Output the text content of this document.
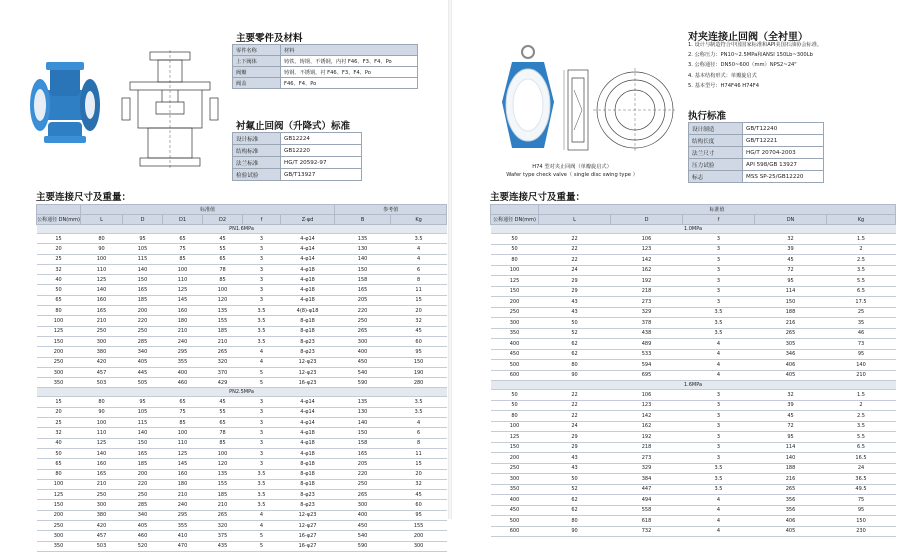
主要零件及材料
零件名称	材料
上下阀体	铸铁、铸钢、不锈钢，内衬 F46、F3、F4、Po
阀瓣	铸钢、不锈钢，衬 F46、F3、F4、Po
阀盖	F46、F4、Po
衬氟止回阀（升降式）标准
设计标准	GB12224
结构标准	GB12220
法兰标准	HG/T 20592-97
检验试验	GB/T13927
主要连接尺寸及重量：
	标准值						参考值	
公称通径 DN(mm)	L	D	D1	D2	f	Z-φd	B	Kg
PN1.6MPa								
15	80	95	65	45	3	4-φ14	135	3.5
20	90	105	75	55	3	4-φ14	130	4
25	100	115	85	65	3	4-φ14	140	4
32	110	140	100	78	3	4-φ18	150	6
40	125	150	110	85	3	4-φ18	158	8
50	140	165	125	100	3	4-φ18	165	11
65	160	185	145	120	3	4-φ18	205	15
80	165	200	160	135	3.5	4(8)-φ18	220	20
100	210	220	180	155	3.5	8-φ18	250	32
125	250	250	210	185	3.5	8-φ18	265	45
150	300	285	240	210	3.5	8-φ23	300	60
200	380	340	295	265	4	8-φ23	400	95
250	420	405	355	320	4	12-φ23	450	150
300	457	445	400	370	5	12-φ23	540	190
350	503	505	460	429	5	16-φ23	590	280
PN2.5MPa								
15	80	95	65	45	3	4-φ14	135	3.5
20	90	105	75	55	3	4-φ14	130	3.5
25	100	115	85	65	3	4-φ14	140	4
32	110	140	100	78	3	4-φ18	150	6
40	125	150	110	85	3	4-φ18	158	8
50	140	165	125	100	3	4-φ18	165	11
65	160	185	145	120	3	8-φ18	205	15
80	165	200	160	135	3.5	8-φ18	220	20
100	210	220	180	155	3.5	8-φ18	250	32
125	250	250	210	185	3.5	8-φ23	265	45
150	300	285	240	210	3.5	8-φ23	300	60
200	380	340	295	265	4	12-φ23	400	95
250	420	405	355	320	4	12-φ27	450	155
300	457	460	410	375	5	16-φ27	540	200
350	503	520	470	435	5	16-φ27	590	300
H74 型对夹止回阀（单瓣旋启式）
Wafer type check valve（ single disc swing type ）
对夹连接止回阀（全衬里）
1. 设计与制造符合中国国家标准和API美国石油协会标准。
2. 公称压力：PN10~2.5MPa和ANSI 150Lb~300Lb
3. 公称通径：DN50~600（mm）NPS2~24"
4. 基本结构形式：单瓣旋启式
5. 基本型号：H74F46 H74F4
执行标准
设计制造	GB/T12240
结构长度	GB/T12221
法兰尺寸	HG/T 20704-2003
压力试验	API 598/GB 13927
标志	MSS SP-25/GB12220
主要连接尺寸及重量：
	标准值				
公称通径 DN(mm)	L	D	f	DN	Kg
1.0MPa					
50	22	106	3	32	1.5
50	22	123	3	39	2
80	22	142	3	45	2.5
100	24	162	3	72	3.5
125	29	192	3	95	5.5
150	29	218	3	114	6.5
200	43	273	3	150	17.5
250	43	329	3.5	188	25
300	50	378	3.5	216	35
350	52	438	3.5	265	46
400	62	489	4	305	73
450	62	533	4	346	95
500	80	594	4	406	140
600	90	695	4	405	210
1.6MPa					
50	22	106	3	32	1.5
50	22	123	3	39	2
80	22	142	3	45	2.5
100	24	162	3	72	3.5
125	29	192	3	95	5.5
150	29	218	3	114	6.5
200	43	273	3	140	16.5
250	43	329	3.5	188	24
300	50	384	3.5	216	36.5
350	52	447	3.5	265	49.5
400	62	494	4	356	75
450	62	558	4	356	95
500	80	618	4	406	150
600	90	732	4	405	230
